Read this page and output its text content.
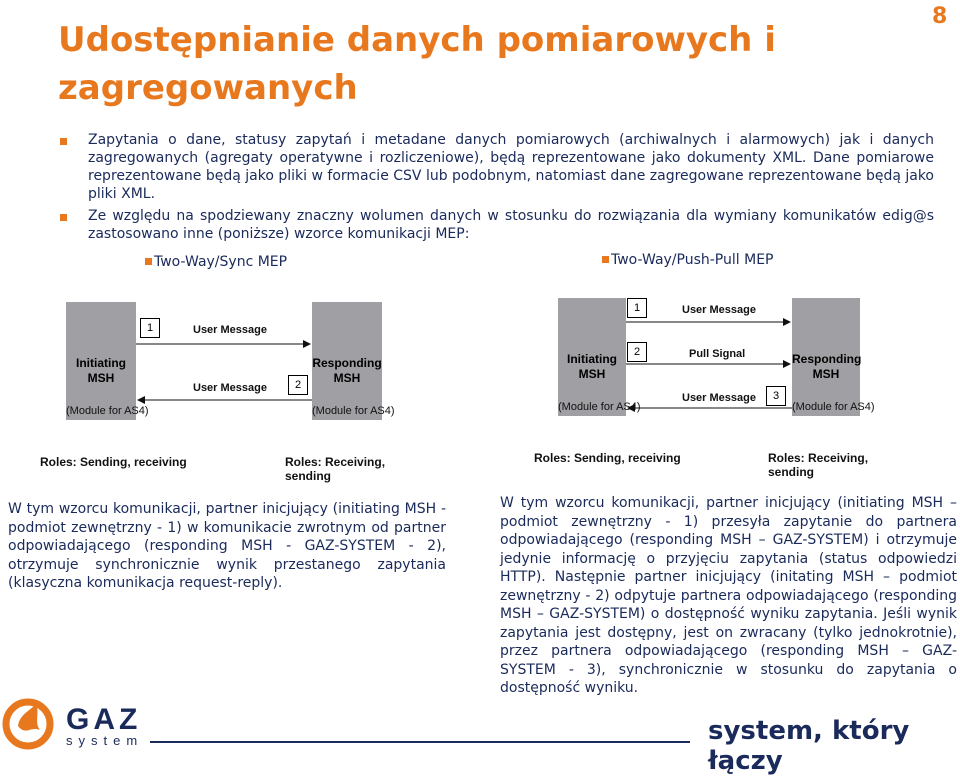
Udostępnianie danych pomiarowych i zagregowanych
8
Zapytania o dane, statusy zapytań i metadane danych pomiarowych (archiwalnych i alarmowych) jak i danych zagregowanych (agregaty operatywne i rozliczeniowe), będą reprezentowane jako dokumenty XML. Dane pomiarowe reprezentowane będą jako pliki w formacie CSV lub podobnym, natomiast dane zagregowane reprezentowane będą jako pliki XML.
Ze względu na spodziewany znaczny wolumen danych w stosunku do rozwiązania dla wymiany komunikatów edig@s zastosowano inne (poniższe) wzorce komunikacji MEP:
Two-Way/Sync MEP	Two-Way/Push-Pull MEP
Initiating
MSH
Responding
MSH
(Module for AS4)	(Module for AS4)
1	User Message
User Message	2
Roles: Sending, receiving	Roles: Receiving, sending
Initiating
MSH
Responding
MSH
(Module for AS4)	(Module for AS4)
1	User Message
2	Pull Signal
User Message	3
Roles: Sending, receiving	Roles: Receiving, sending
W tym wzorcu komunikacji, partner inicjujący (initiating MSH - podmiot zewnętrzny - 1) w komunikacie zwrotnym od partner odpowiadającego (responding MSH - GAZ-SYSTEM - 2), otrzymuje synchronicznie wynik przestanego zapytania (klasyczna komunikacja request-reply).
W tym wzorcu komunikacji, partner inicjujący (initiating MSH – podmiot zewnętrzny - 1) przesyła zapytanie do partnera odpowiadającego (responding MSH – GAZ-SYSTEM) i otrzymuje jedynie informację o przyjęciu zapytania (status odpowiedzi HTTP). Następnie partner inicjujący (initating MSH – podmiot zewnętrzny - 2) odpytuje partnera odpowiadającego (responding MSH – GAZ-SYSTEM) o dostępność wyniku zapytania. Jeśli wynik zapytania jest dostępny, jest on zwracany (tylko jednokrotnie), przez partnera odpowiadającego (responding MSH – GAZ-SYSTEM - 3), synchronicznie w stosunku do zapytania o dostępność wyniku.
GAZ
system	system, który łączy
